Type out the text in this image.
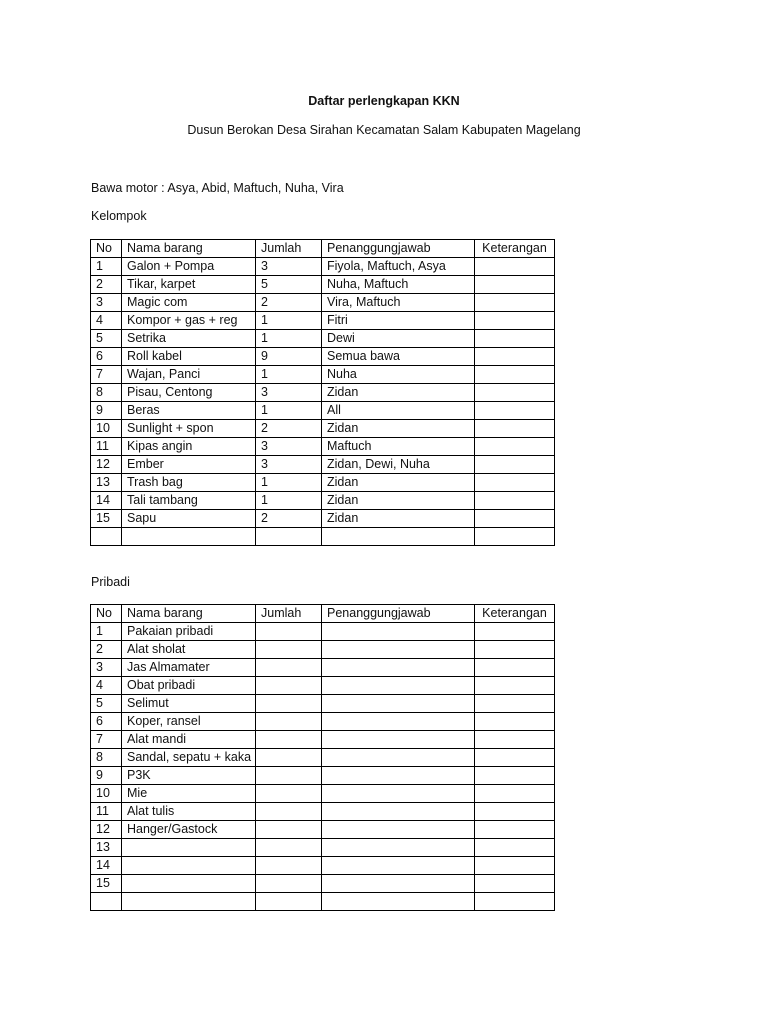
Daftar perlengkapan KKN
Dusun Berokan Desa Sirahan Kecamatan Salam Kabupaten Magelang
Bawa motor : Asya, Abid, Maftuch, Nuha, Vira
Kelompok
No	Nama barang	Jumlah	Penanggungjawab	Keterangan
1	Galon + Pompa	3	Fiyola, Maftuch, Asya	
2	Tikar, karpet	5	Nuha, Maftuch	
3	Magic com	2	Vira, Maftuch	
4	Kompor + gas + reg	1	Fitri	
5	Setrika	1	Dewi	
6	Roll kabel	9	Semua bawa	
7	Wajan, Panci	1	Nuha	
8	Pisau, Centong	3	Zidan	
9	Beras	1	All	
10	Sunlight + spon	2	Zidan	
11	Kipas angin	3	Maftuch	
12	Ember	3	Zidan, Dewi, Nuha	
13	Trash bag	1	Zidan	
14	Tali tambang	1	Zidan	
15	Sapu	2	Zidan	

Pribadi
No	Nama barang	Jumlah	Penanggungjawab	Keterangan
1	Pakaian pribadi			
2	Alat sholat			
3	Jas Almamater			
4	Obat pribadi			
5	Selimut			
6	Koper, ransel			
7	Alat mandi			
8	Sandal, sepatu + kaka			
9	P3K			
10	Mie			
11	Alat tulis			
12	Hanger/Gastock			
13				
14				
15				
